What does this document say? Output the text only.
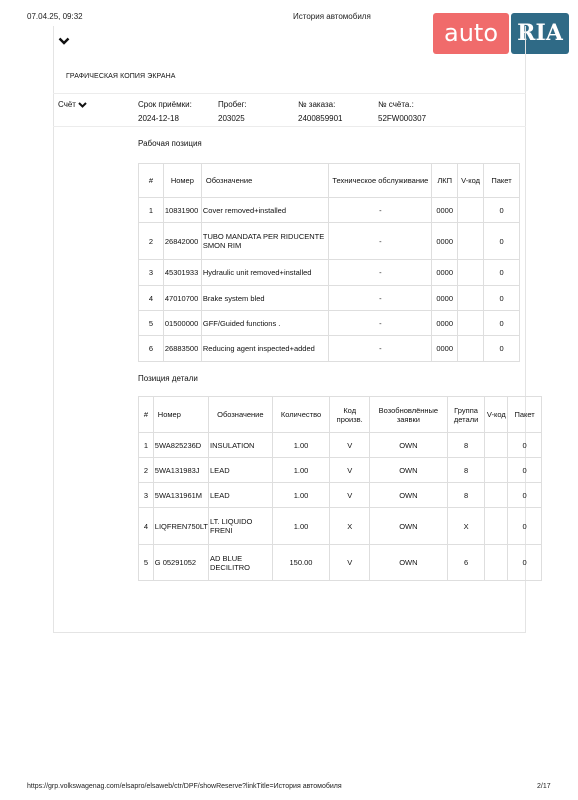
07.04.25, 09:32	История автомобиля
auto RIA
ГРАФИЧЕСКАЯ КОПИЯ ЭКРАНА
Счёт	Срок приёмки:
2024-12-18
Пробег:
203025
№ заказа:
2400859901
№ счёта.:
52FW000307
Рабочая позиция
#	Номер	Обозначение	Техническое обслуживание	ЛКП	V-код	Пакет
1	10831900	Cover removed+installed	-	0000		0
2	26842000	TUBO MANDATA PER RIDUCENTE SMON RIM	-	0000		0
3	45301933	Hydraulic unit removed+installed	-	0000		0
4	47010700	Brake system bled	-	0000		0
5	01500000	GFF/Guided functions .	-	0000		0
6	26883500	Reducing agent inspected+added	-	0000		0
Позиция детали
#	Номер	Обозначение	Количество	Код произв.	Возобновлённые заявки	Группа детали	V-код	Пакет
1	5WA825236D	INSULATION	1.00	V	OWN	8		0
2	5WA131983J	LEAD	1.00	V	OWN	8		0
3	5WA131961M	LEAD	1.00	V	OWN	8		0
4	LIQFREN750LT	LT. LIQUIDO FRENI	1.00	X	OWN	X		0
5	G 05291052	AD BLUE DECILITRO	150.00	V	OWN	6		0
https://grp.volkswagenag.com/elsapro/elsaweb/ctr/DPF/showReserve?linkTitle=История автомобиля	2/17
